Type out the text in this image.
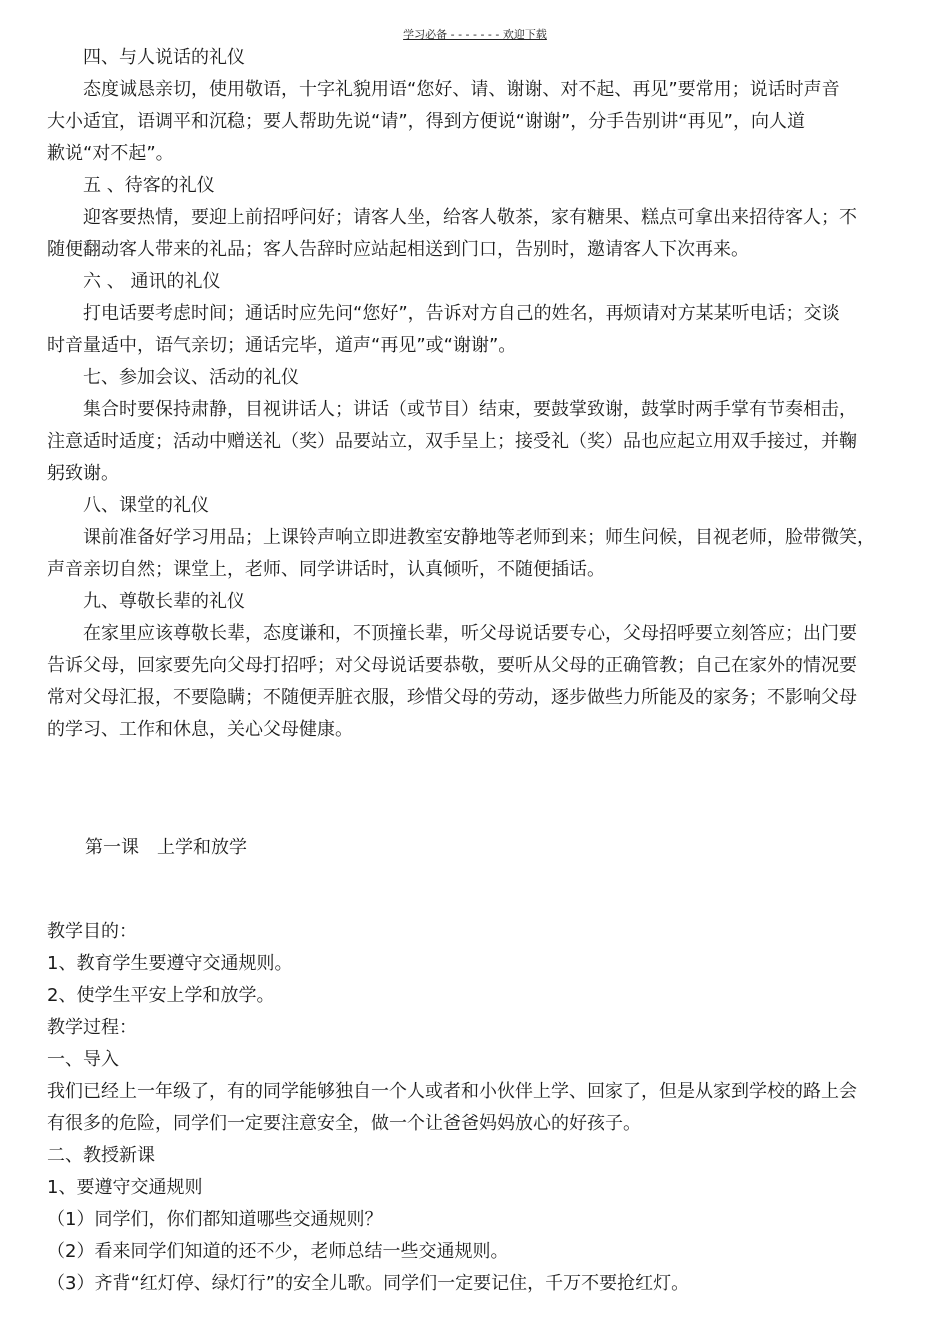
学习必备 - - - - - - - 欢迎下载
四、与人说话的礼仪
态度诚恳亲切，使用敬语，十字礼貌用语“您好、请、谢谢、对不起、再见”要常用；说话时声音
大小适宜，语调平和沉稳；要人帮助先说“请”，得到方便说“谢谢”，分手告别讲“再见”，向人道
歉说“对不起”。
五 、待客的礼仪
迎客要热情，要迎上前招呼问好；请客人坐，给客人敬茶，家有糖果、糕点可拿出来招待客人；不
随便翻动客人带来的礼品；客人告辞时应站起相送到门口，告别时，邀请客人下次再来。
六 、 通讯的礼仪
打电话要考虑时间；通话时应先问“您好”，告诉对方自己的姓名，再烦请对方某某听电话；交谈
时音量适中，语气亲切；通话完毕，道声“再见”或“谢谢”。
七、参加会议、活动的礼仪
集合时要保持肃静，目视讲话人；讲话（或节目）结束，要鼓掌致谢，鼓掌时两手掌有节奏相击，
注意适时适度；活动中赠送礼（奖）品要站立，双手呈上；接受礼（奖）品也应起立用双手接过，并鞠
躬致谢。
八、课堂的礼仪
课前准备好学习用品；上课铃声响立即进教室安静地等老师到来；师生问候，目视老师，脸带微笑，
声音亲切自然；课堂上，老师、同学讲话时，认真倾听，不随便插话。
九、尊敬长辈的礼仪
在家里应该尊敬长辈，态度谦和，不顶撞长辈，听父母说话要专心，父母招呼要立刻答应；出门要
告诉父母，回家要先向父母打招呼；对父母说话要恭敬，要听从父母的正确管教；自己在家外的情况要
常对父母汇报，不要隐瞒；不随便弄脏衣服，珍惜父母的劳动，逐步做些力所能及的家务；不影响父母
的学习、工作和休息，关心父母健康。
第一课　上学和放学
教学目的：
1、教育学生要遵守交通规则。
2、使学生平安上学和放学。
教学过程：
一、导入
我们已经上一年级了，有的同学能够独自一个人或者和小伙伴上学、回家了，但是从家到学校的路上会
有很多的危险，同学们一定要注意安全，做一个让爸爸妈妈放心的好孩子。
二、教授新课
1、要遵守交通规则
（1）同学们，你们都知道哪些交通规则？
（2）看来同学们知道的还不少，老师总结一些交通规则。
（3）齐背“红灯停、绿灯行”的安全儿歌。同学们一定要记住，千万不要抢红灯。
